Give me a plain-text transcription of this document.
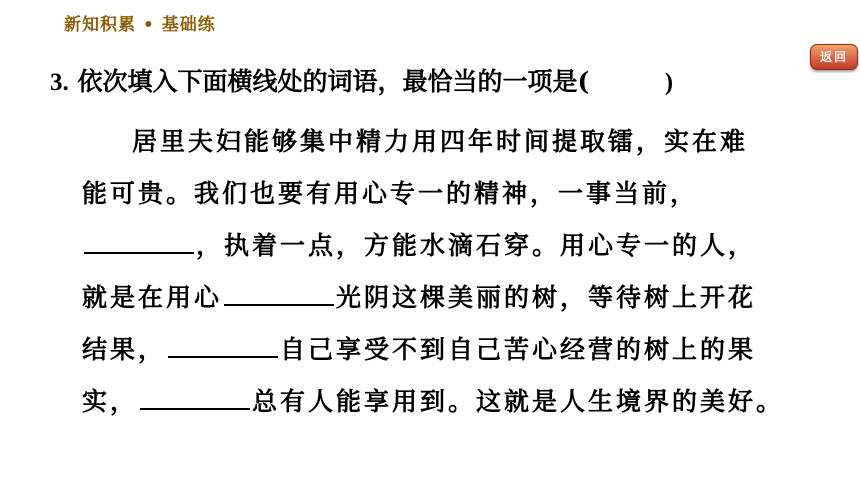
新知积累 • 基础练
返回
3. 依次填入下面横线处的词语，最恰当的一项是(	)
居里夫妇能够集中精力用四年时间提取镭，实在难
能可贵。我们也要有用心专一的精神，一事当前，
，执着一点，方能水滴石穿。用心专一的人，
就是在用心	光阴这棵美丽的树，等待树上开花
结果，	自己享受不到自己苦心经营的树上的果
实，	总有人能享用到。这就是人生境界的美好。
